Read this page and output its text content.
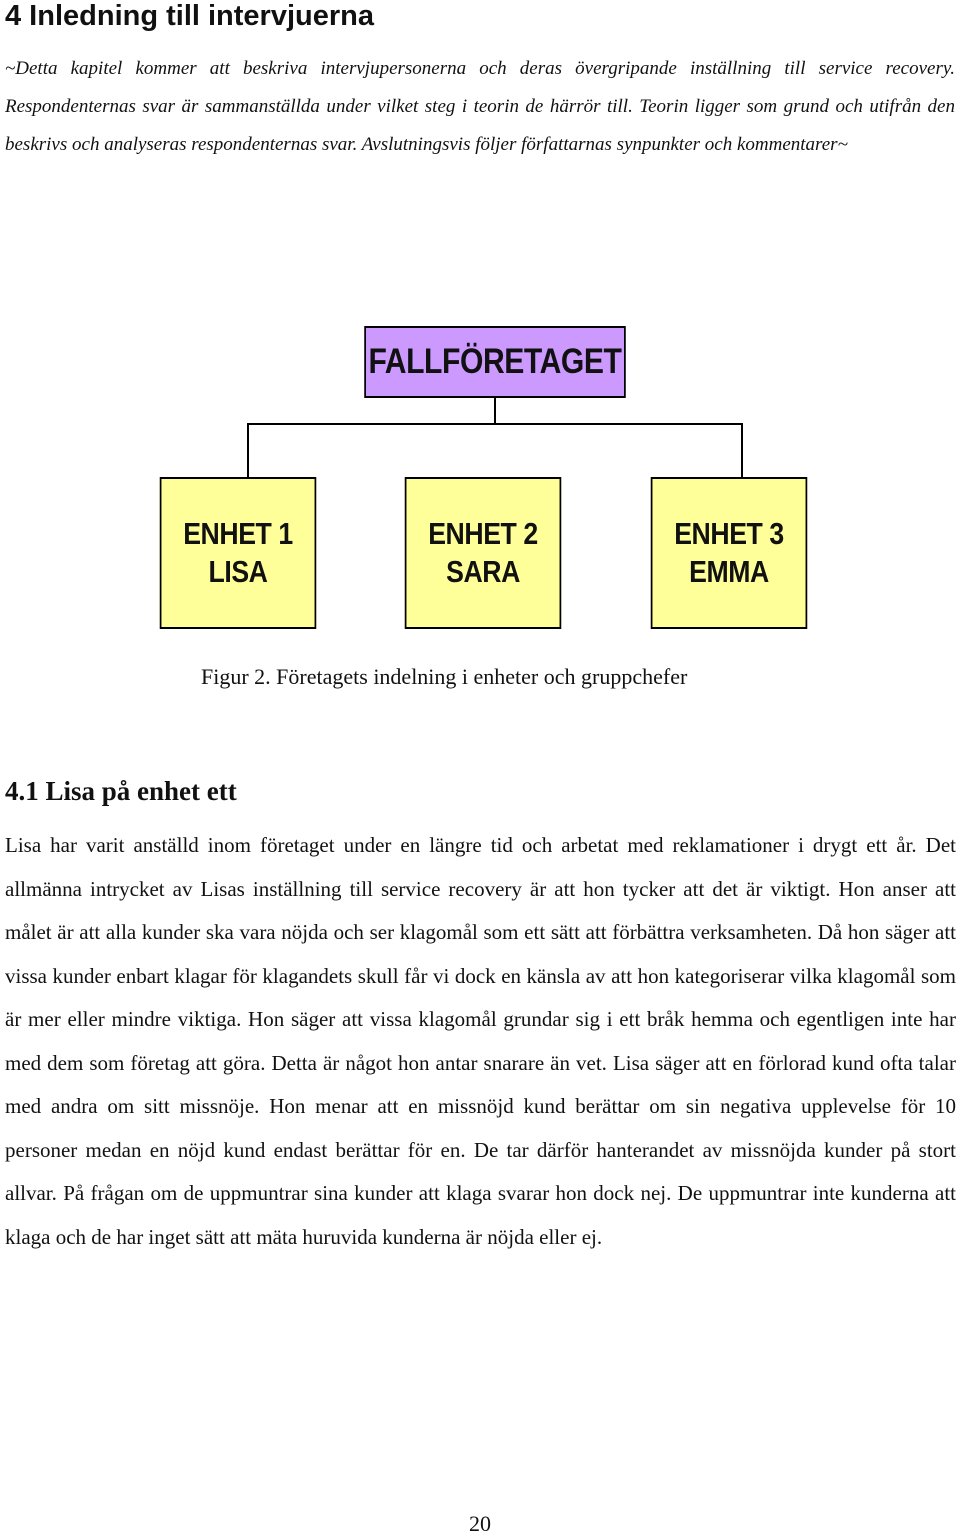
4 Inledning till intervjuerna

~Detta kapitel kommer att beskriva intervjupersonerna och deras övergripande inställning till service recovery. Respondenternas svar är sammanställda under vilket steg i teorin de härrör till. Teorin ligger som grund och utifrån den beskrivs och analyseras respondenternas svar. Avslutningsvis följer författarnas synpunkter och kommentarer~

FALLFÖRETAGET
ENHET 1
LISA
ENHET 2
SARA
ENHET 3
EMMA

Figur 2. Företagets indelning i enheter och gruppchefer

4.1 Lisa på enhet ett

Lisa har varit anställd inom företaget under en längre tid och arbetat med reklamationer i drygt ett år. Det allmänna intrycket av Lisas inställning till service recovery är att hon tycker att det är viktigt. Hon anser att målet är att alla kunder ska vara nöjda och ser klagomål som ett sätt att förbättra verksamheten. Då hon säger att vissa kunder enbart klagar för klagandets skull får vi dock en känsla av att hon kategoriserar vilka klagomål som är mer eller mindre viktiga. Hon säger att vissa klagomål grundar sig i ett bråk hemma och egentligen inte har med dem som företag att göra. Detta är något hon antar snarare än vet. Lisa säger att en förlorad kund ofta talar med andra om sitt missnöje. Hon menar att en missnöjd kund berättar om sin negativa upplevelse för 10 personer medan en nöjd kund endast berättar för en. De tar därför hanterandet av missnöjda kunder på stort allvar. På frågan om de uppmuntrar sina kunder att klaga svarar hon dock nej. De uppmuntrar inte kunderna att klaga och de har inget sätt att mäta huruvida kunderna är nöjda eller ej.

20
